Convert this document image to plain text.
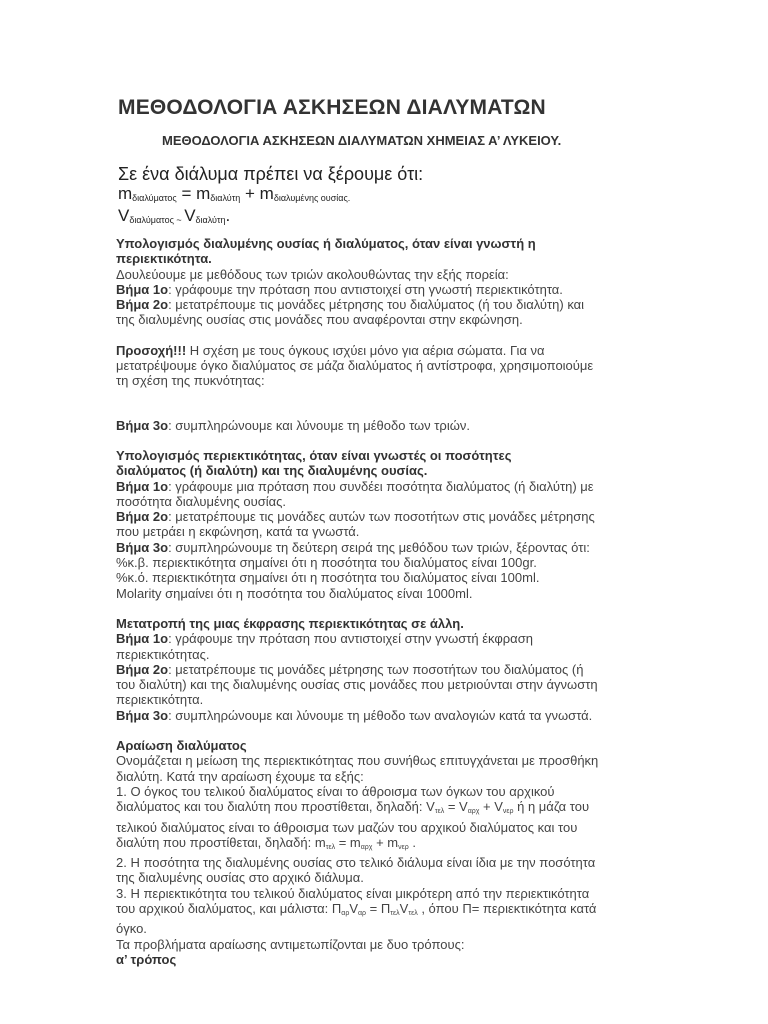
ΜΕΘΟΔΟΛΟΓΙΑ ΑΣΚΗΣΕΩΝ ΔΙΑΛΥΜΑΤΩΝ
ΜΕΘΟΔΟΛΟΓΙΑ ΑΣΚΗΣΕΩΝ ΔΙΑΛΥΜΑΤΩΝ ΧΗΜΕΙΑΣ Α’ ΛΥΚΕΙΟΥ.
Σε ένα διάλυμα πρέπει να ξέρουμε ότι:
$m_{\delta\iota\alpha\lambda ύ\mu\alpha\tau o\varsigma} = m_{\delta\iota\alpha\lambda ύ\tau\eta} + m_{\delta\iota\alpha\lambda\upsilon\mu έ\nu\eta\varsigma o\upsilon\sigma ί\alpha\varsigma.}$
$V_{\delta\iota\alpha\lambda ύ\mu\alpha\tau o\varsigma \sim}$ $V_{\delta\iota\alpha\lambda ύ\tau\eta}$.
Υπολογισμός διαλυμένης ουσίας ή διαλύματος, όταν είναι γνωστή η
περιεκτικότητα.
Δουλεύουμε με μεθόδους των τριών ακολουθώντας την εξής πορεία:
Βήμα 1ο: γράφουμε την πρόταση που αντιστοιχεί στη γνωστή περιεκτικότητα.
Βήμα 2ο: μετατρέπουμε τις μονάδες μέτρησης του διαλύματος (ή του διαλύτη) και
της διαλυμένης ουσίας στις μονάδες που αναφέρονται στην εκφώνηση.
Προσοχή!!! Η σχέση με τους όγκους ισχύει μόνο για αέρια σώματα. Για να
μετατρέψουμε όγκο διαλύματος σε μάζα διαλύματος ή αντίστροφα, χρησιμοποιούμε
τη σχέση της πυκνότητας:
Βήμα 3ο: συμπληρώνουμε και λύνουμε τη μέθοδο των τριών.
Υπολογισμός περιεκτικότητας, όταν είναι γνωστές οι ποσότητες
διαλύματος (ή διαλύτη) και της διαλυμένης ουσίας.
Βήμα 1ο: γράφουμε μια πρόταση που συνδέει ποσότητα διαλύματος (ή διαλύτη) με
ποσότητα διαλυμένης ουσίας.
Βήμα 2ο: μετατρέπουμε τις μονάδες αυτών των ποσοτήτων στις μονάδες μέτρησης
που μετράει η εκφώνηση, κατά τα γνωστά.
Βήμα 3ο: συμπληρώνουμε τη δεύτερη σειρά της μεθόδου των τριών, ξέροντας ότι:
%κ.β. περιεκτικότητα σημαίνει ότι η ποσότητα του διαλύματος είναι 100gr.
%κ.ό. περιεκτικότητα σημαίνει ότι η ποσότητα του διαλύματος είναι 100ml.
Molarity σημαίνει ότι η ποσότητα του διαλύματος είναι 1000ml.
Μετατροπή της μιας έκφρασης περιεκτικότητας σε άλλη.
Βήμα 1ο: γράφουμε την πρόταση που αντιστοιχεί στην γνωστή έκφραση
περιεκτικότητας.
Βήμα 2ο: μετατρέπουμε τις μονάδες μέτρησης των ποσοτήτων του διαλύματος (ή
του διαλύτη) και της διαλυμένης ουσίας στις μονάδες που μετριούνται στην άγνωστη
περιεκτικότητα.
Βήμα 3ο: συμπληρώνουμε και λύνουμε τη μέθοδο των αναλογιών κατά τα γνωστά.
Αραίωση διαλύματος
Ονομάζεται η μείωση της περιεκτικότητας που συνήθως επιτυγχάνεται με προσθήκη
διαλύτη. Κατά την αραίωση έχουμε τα εξής:
1. Ο όγκος του τελικού διαλύματος είναι το άθροισμα των όγκων του αρχικού
διαλύματος και του διαλύτη που προστίθεται, δηλαδή: $V_{\tau\varepsilon\lambda} = V_{\alpha\rho\chi} + V_{\nu\varepsilon\rho}$ ή η μάζα του
τελικού διαλύματος είναι το άθροισμα των μαζών του αρχικού διαλύματος και του
διαλύτη που προστίθεται, δηλαδή: $m_{\tau\varepsilon\lambda} = m_{\alpha\rho\chi} + m_{\nu\varepsilon\rho}$ .
2. Η ποσότητα της διαλυμένης ουσίας στο τελικό διάλυμα είναι ίδια με την ποσότητα
της διαλυμένης ουσίας στο αρχικό διάλυμα.
3. Η περιεκτικότητα του τελικού διαλύματος είναι μικρότερη από την περιεκτικότητα
του αρχικού διαλύματος, και μάλιστα: $\Pi_{\alpha\rho}V_{\alpha\rho} = \Pi_{\tau\varepsilon\lambda}V_{\tau\varepsilon\lambda}$ , όπου Π= περιεκτικότητα κατά
όγκο.
Τα προβλήματα αραίωσης αντιμετωπίζονται με δυο τρόπους:
α’ τρόπος
